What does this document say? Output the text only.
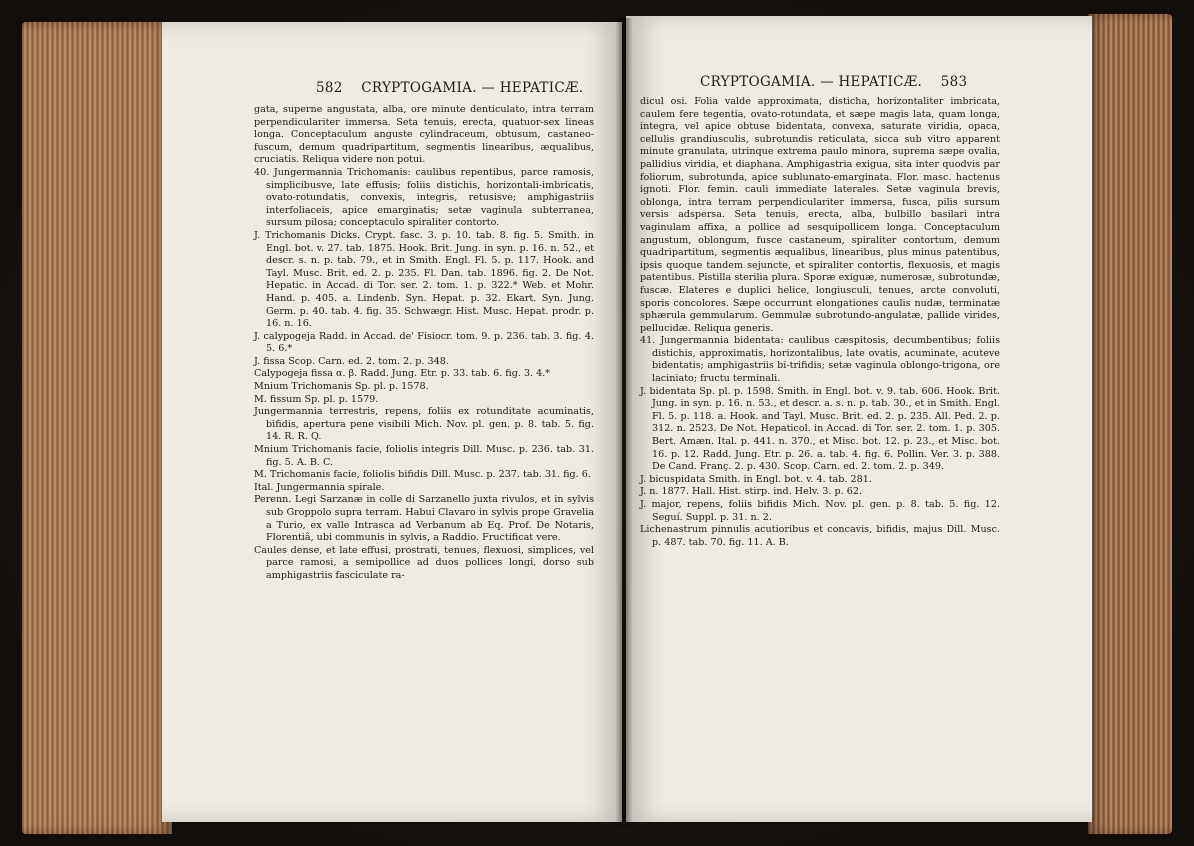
582 CRYPTOGAMIA. — HEPATICÆ.

gata, superne angustata, alba, ore minute denticulato, intra terram perpendiculariter immersa. Seta tenuis, erecta, quatuor-sex lineas longa. Conceptaculum anguste cylindraceum, obtusum, castaneo-fuscum, demum quadripartitum, segmentis linearibus, æqualibus, cruciatis. Reliqua videre non potui.

40. Jungermannia Trichomanis: caulibus repentibus, parce ramosis, simplicibusve, late effusis; foliis distichis, horizontali-imbricatis, ovato-rotundatis, convexis, integris, retusisve; amphigastriis interfoliaceis, apice emarginatis; setæ vaginula subterranea, sursum pilosa; conceptaculo spiraliter contorto.

J. Trichomanis Dicks. Crypt. fasc. 3. p. 10. tab. 8. fig. 5. Smith. in Engl. bot. v. 27. tab. 1875. Hook. Brit. Jung. in syn. p. 16. n. 52., et descr. s. n. p. tab. 79., et in Smith. Engl. Fl. 5. p. 117. Hook. and Tayl. Musc. Brit. ed. 2. p. 235. Fl. Dan. tab. 1896. fig. 2. De Not. Hepatic. in Accad. di Tor. ser. 2. tom. 1. p. 322.* Web. et Mohr. Hand. p. 405. a. Lindenb. Syn. Hepat. p. 32. Ekart. Syn. Jung. Germ. p. 40. tab. 4. fig. 35. Schwægr. Hist. Musc. Hepat. prodr. p. 16. n. 16.

J. calypogeja Radd. in Accad. de' Fisiocr. tom. 9. p. 236. tab. 3. fig. 4. 5. 6.*

J. fissa Scop. Carn. ed. 2. tom. 2. p. 348.

Calypogeja fissa α. β. Radd. Jung. Etr. p. 33. tab. 6. fig. 3. 4.*

Mnium Trichomanis Sp. pl. p. 1578.

M. fissum Sp. pl. p. 1579.

Jungermannia terrestris, repens, foliis ex rotunditate acuminatis, bifidis, apertura pene visibili Mich. Nov. pl. gen. p. 8. tab. 5. fig. 14. R. R. Q.

Mnium Trichomanis facie, foliolis integris Dill. Musc. p. 236. tab. 31. fig. 5. A. B. C.

M. Trichomanis facie, foliolis bifidis Dill. Musc. p. 237. tab. 31. fig. 6.

Ital. Jungermannia spirale.

Perenn. Legi Sarzanæ in colle di Sarzanello juxta rivulos, et in sylvis sub Groppolo supra terram. Habui Clavaro in sylvis prope Gravelia a Turio, ex valle Intrasca ad Verbanum ab Eq. Prof. De Notaris, Florentiâ, ubi communis in sylvis, a Raddio. Fructificat vere.

Caules dense, et late effusi, prostrati, tenues, flexuosi, simplices, vel parce ramosi, a semipollice ad duos pollices longi, dorso sub amphigastriis fasciculate ra-

CRYPTOGAMIA. — HEPATICÆ. 583

dicul osi. Folia valde approximata, disticha, horizontaliter imbricata, caulem fere tegentia, ovato-rotundata, et sæpe magis lata, quam longa, integra, vel apice obtuse bidentata, convexa, saturate viridia, opaca, cellulis grandiusculis, subrotundis reticulata, sicca sub vitro apparent minute granulata, utrinque extrema paulo minora, suprema sæpe ovalia, pallidius viridia, et diaphana. Amphigastria exigua, sita inter quodvis par foliorum, subrotunda, apice sublunato-emarginata. Flor. masc. hactenus ignoti. Flor. femin. cauli immediate laterales. Setæ vaginula brevis, oblonga, intra terram perpendiculariter immersa, fusca, pilis sursum versis adspersa. Seta tenuis, erecta, alba, bulbillo basilari intra vaginulam affixa, a pollice ad sesquipollicem longa. Conceptaculum angustum, oblongum, fusce castaneum, spiraliter contortum, demum quadripartitum, segmentis æqualibus, linearibus, plus minus patentibus, ipsis quoque tandem sejuncte, et spiraliter contortis, flexuosis, et magis patentibus. Pistilla sterilia plura. Sporæ exiguæ, numerosæ, subrotundæ, fuscæ. Elateres e duplici helice, longiusculi, tenues, arcte convoluti, sporis concolores. Sæpe occurrunt elongationes caulis nudæ, terminatæ sphærula gemmularum. Gemmulæ subrotundo-angulatæ, pallide virides, pellucidæ. Reliqua generis.

41. Jungermannia bidentata: caulibus cæspitosis, decumbentibus; foliis distichis, approximatis, horizontalibus, late ovatis, acuminate, acuteve bidentatis; amphigastriis bi-trifidis; setæ vaginula oblongo-trigona, ore laciniato; fructu terminali.

J. bidentata Sp. pl. p. 1598. Smith. in Engl. bot. v. 9. tab. 606. Hook. Brit. Jung. in syn. p. 16. n. 53., et descr. a. s. n. p. tab. 30., et in Smith. Engl. Fl. 5. p. 118. a. Hook. and Tayl. Musc. Brit. ed. 2. p. 235. All. Ped. 2. p. 312. n. 2523. De Not. Hepaticol. in Accad. di Tor. ser. 2. tom. 1. p. 305. Bert. Amæn. Ital. p. 441. n. 370., et Misc. bot. 12. p. 23., et Misc. bot. 16. p. 12. Radd. Jung. Etr. p. 26. a. tab. 4. fig. 6. Pollin. Ver. 3. p. 388. De Cand. Franç. 2. p. 430. Scop. Carn. ed. 2. tom. 2. p. 349.

J. bicuspidata Smith. in Engl. bot. v. 4. tab. 281.

J. n. 1877. Hall. Hist. stirp. ind. Helv. 3. p. 62.

J. major, repens, foliis bifidis Mich. Nov. pl. gen. p. 8. tab. 5. fig. 12. Seguí. Suppl. p. 31. n. 2.

Lichenastrum pinnulis acutioribus et concavis, bifidis, majus Dill. Musc. p. 487. tab. 70. fig. 11. A. B.
